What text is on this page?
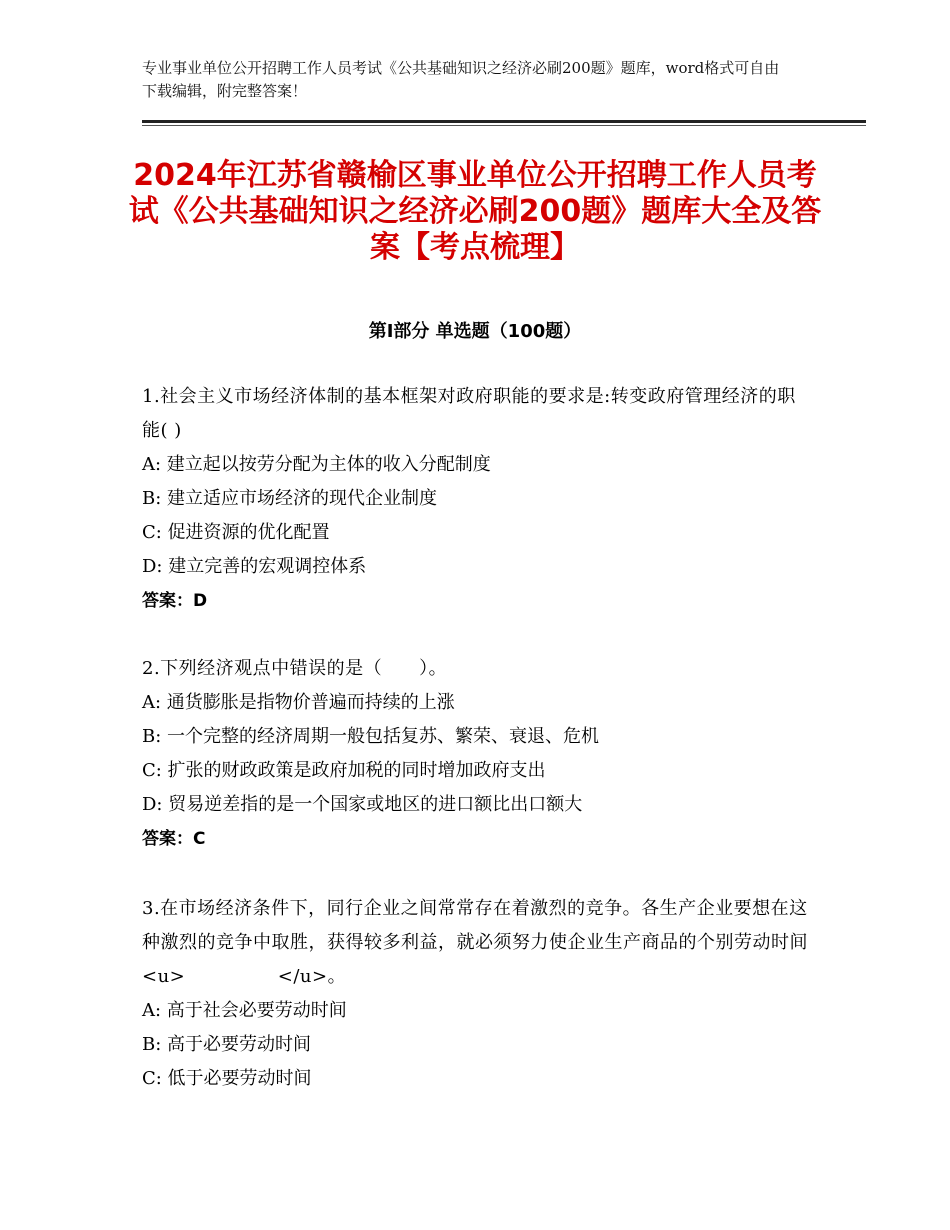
专业事业单位公开招聘工作人员考试《公共基础知识之经济必刷200题》题库，word格式可自由下载编辑，附完整答案！
2024年江苏省赣榆区事业单位公开招聘工作人员考试《公共基础知识之经济必刷200题》题库大全及答案【考点梳理】
第Ⅰ部分 单选题（100题）

1.社会主义市场经济体制的基本框架对政府职能的要求是:转变政府管理经济的职能( )

A: 建立起以按劳分配为主体的收入分配制度

B: 建立适应市场经济的现代企业制度

C: 促进资源的优化配置

D: 建立完善的宏观调控体系

答案：D

2.下列经济观点中错误的是（　　）。

A: 通货膨胀是指物价普遍而持续的上涨

B: 一个完整的经济周期一般包括复苏、繁荣、衰退、危机

C: 扩张的财政政策是政府加税的同时增加政府支出

D: 贸易逆差指的是一个国家或地区的进口额比出口额大

答案：C

3.在市场经济条件下，同行企业之间常常存在着激烈的竞争。各生产企业要想在这种激烈的竞争中取胜，获得较多利益，就必须努力使企业生产商品的个别劳动时间<u>　　　　　</u>。

A: 高于社会必要劳动时间

B: 高于必要劳动时间

C: 低于必要劳动时间
